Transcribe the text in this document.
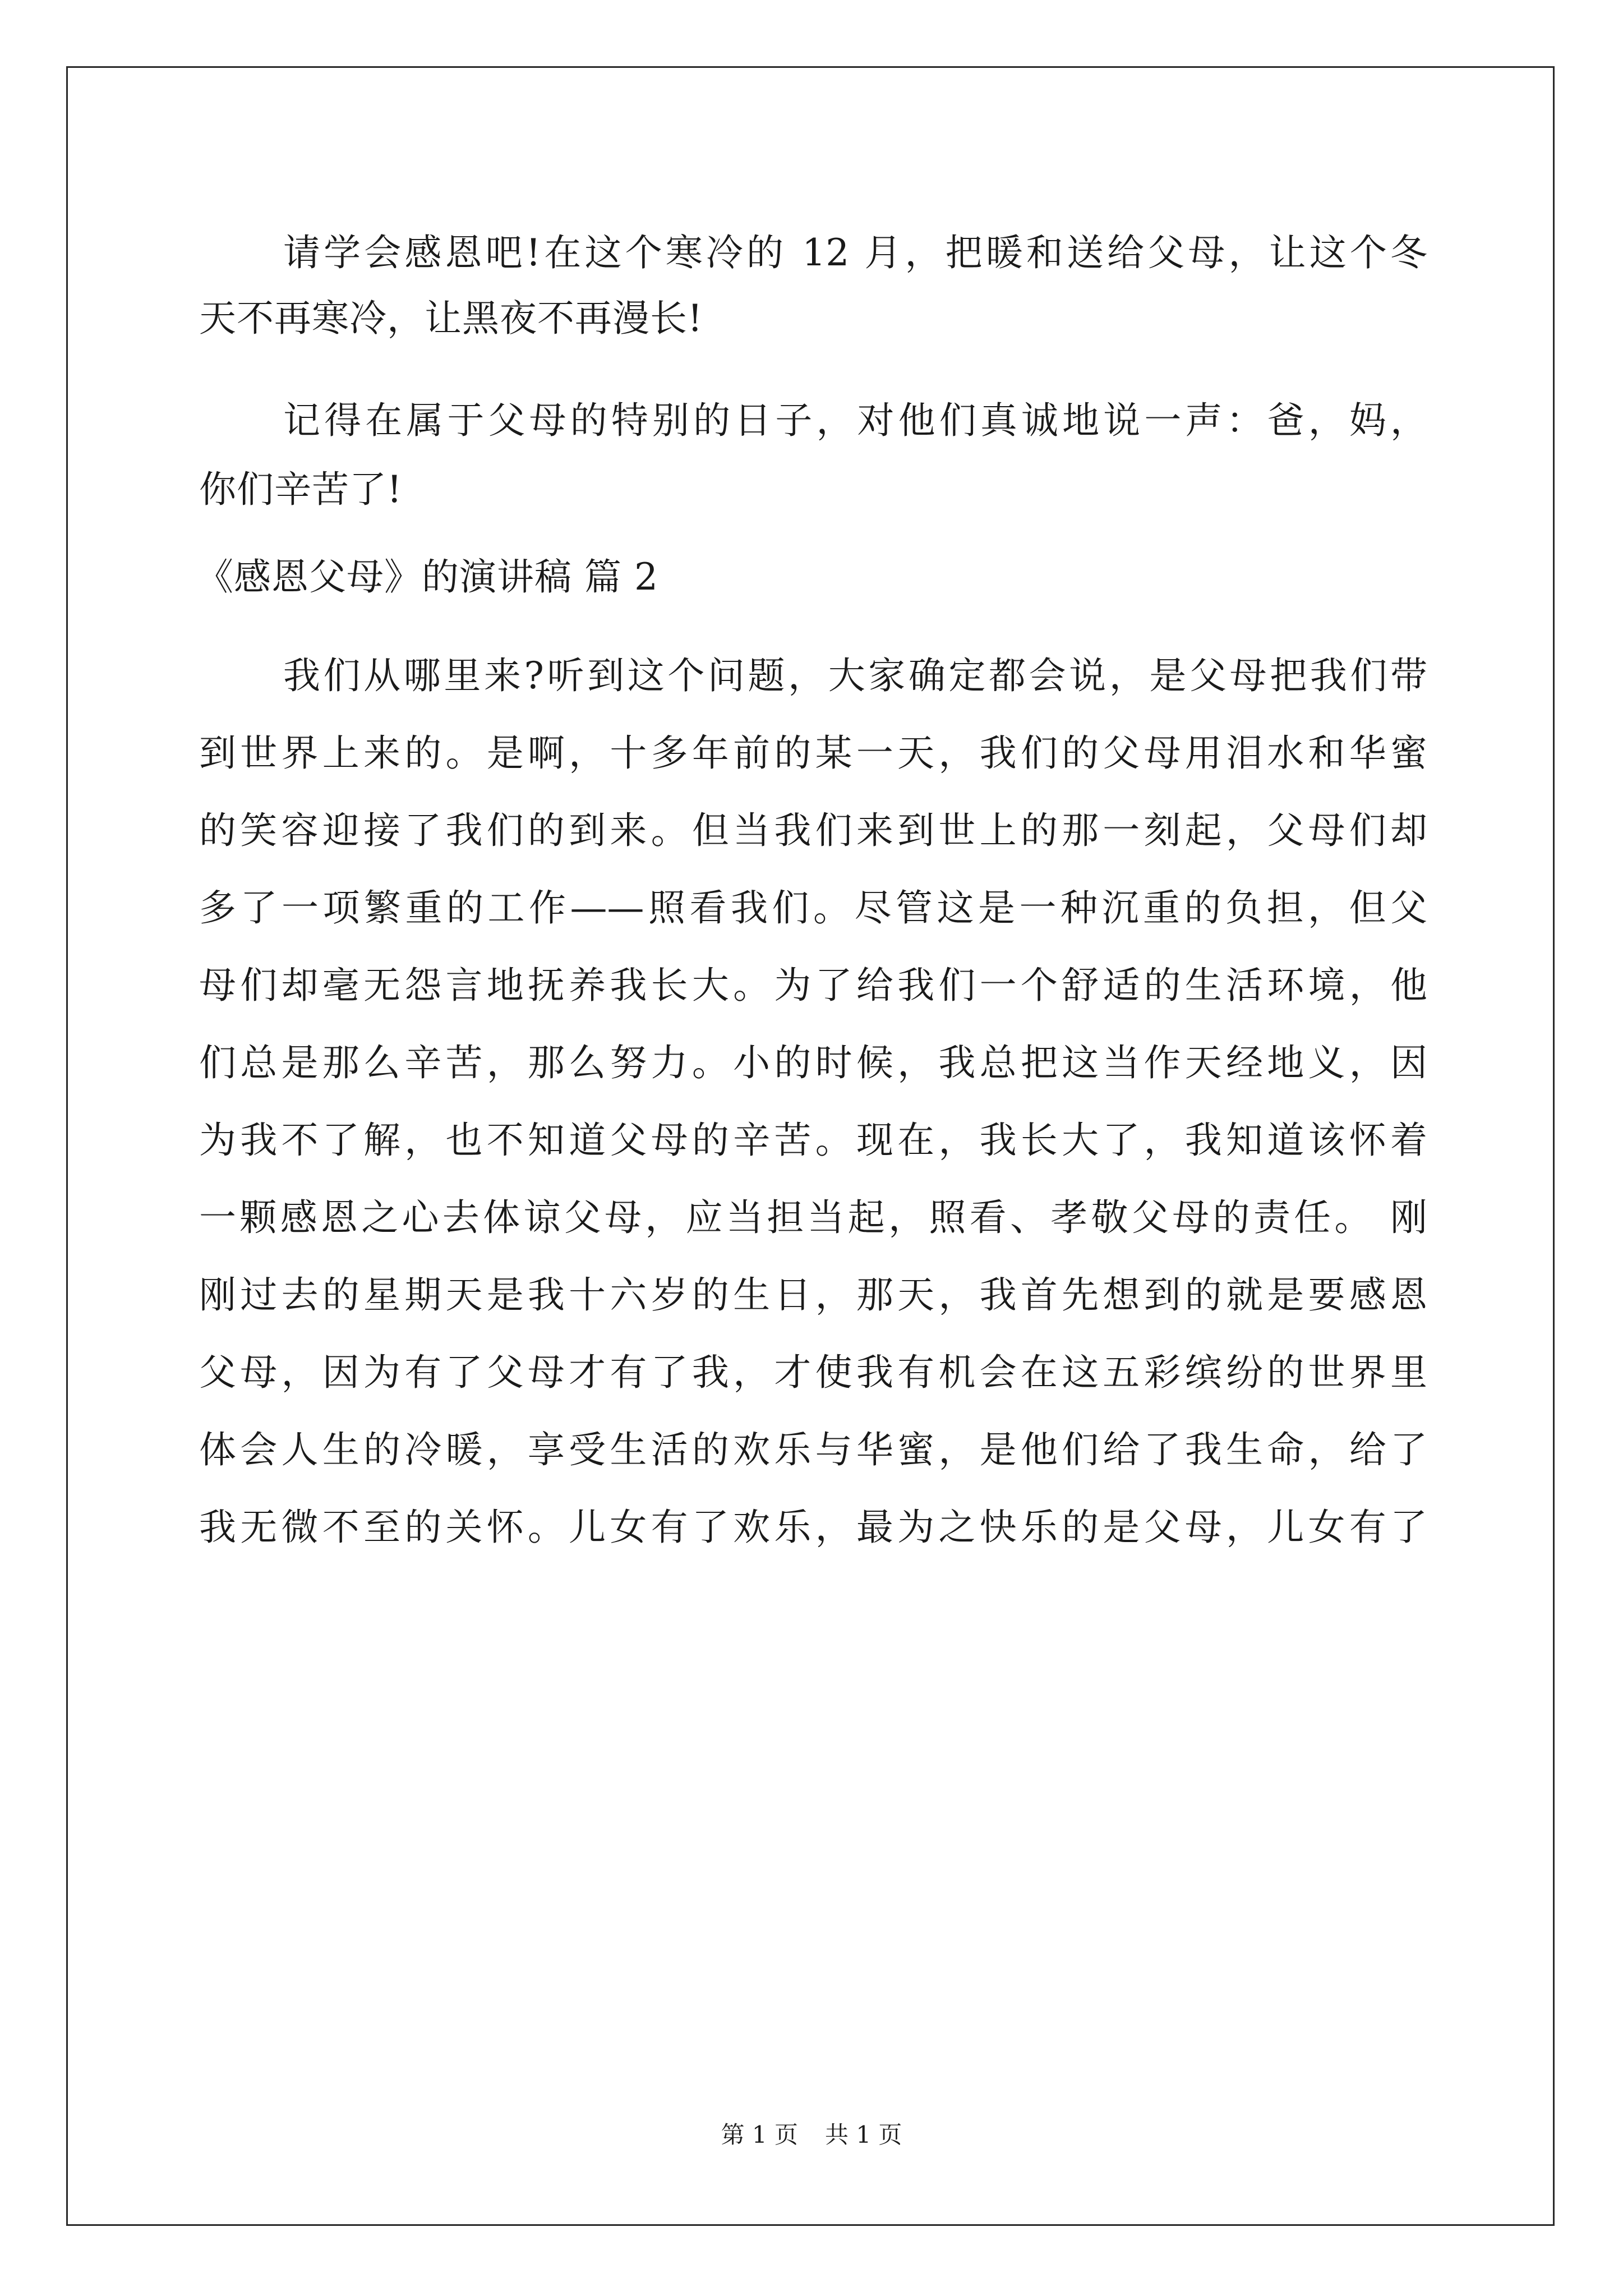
请学会感恩吧!在这个寒冷的 12 月，把暖和送给父母，让这个冬

天不再寒冷，让黑夜不再漫长!

记得在属于父母的特别的日子，对他们真诚地说一声：爸，妈，

你们辛苦了!

《感恩父母》的演讲稿 篇 2

我们从哪里来?听到这个问题，大家确定都会说，是父母把我们带

到世界上来的。是啊，十多年前的某一天，我们的父母用泪水和华蜜

的笑容迎接了我们的到来。但当我们来到世上的那一刻起，父母们却

多了一项繁重的工作——照看我们。尽管这是一种沉重的负担，但父

母们却毫无怨言地抚养我长大。为了给我们一个舒适的生活环境，他

们总是那么辛苦，那么努力。小的时候，我总把这当作天经地义，因

为我不了解，也不知道父母的辛苦。现在，我长大了，我知道该怀着

一颗感恩之心去体谅父母，应当担当起，照看、孝敬父母的责任。 刚

刚过去的星期天是我十六岁的生日，那天，我首先想到的就是要感恩

父母，因为有了父母才有了我，才使我有机会在这五彩缤纷的世界里

体会人生的冷暖，享受生活的欢乐与华蜜，是他们给了我生命，给了

我无微不至的关怀。儿女有了欢乐，最为之快乐的是父母，儿女有了

第 1 页 共 1 页
